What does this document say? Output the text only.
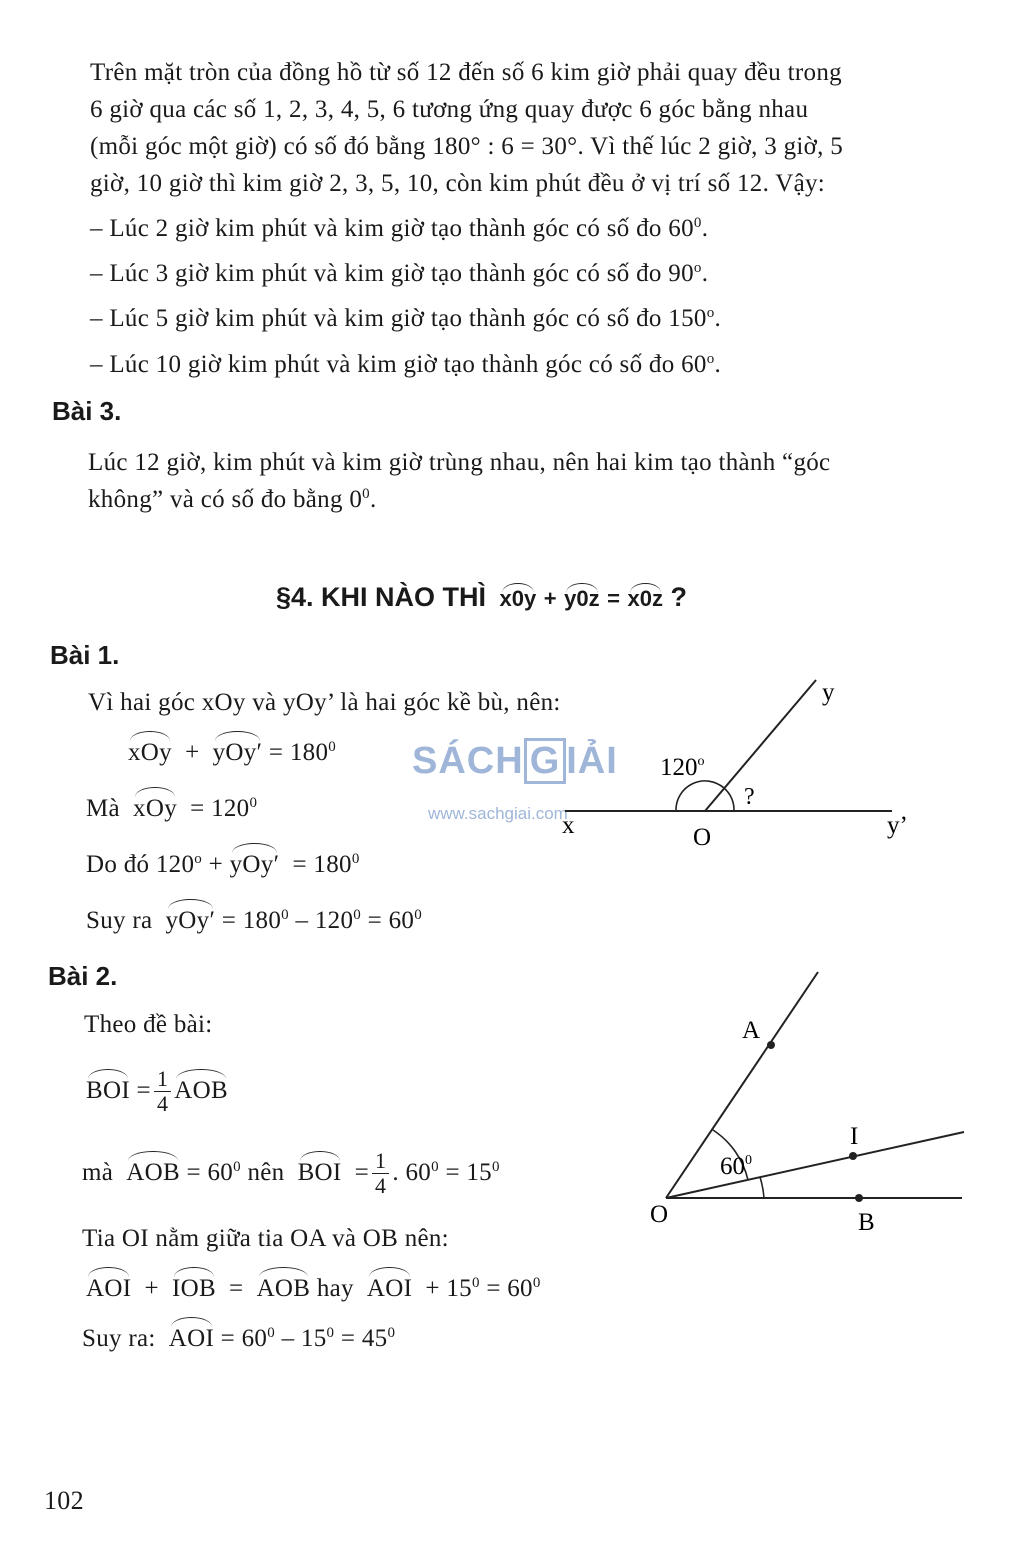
Trên mặt tròn của đồng hồ từ số 12 đến số 6 kim giờ phải quay đều trong
6 giờ qua các số 1, 2, 3, 4, 5, 6 tương ứng quay được 6 góc bằng nhau
(mỗi góc một giờ) có số đó bằng 180° : 6 = 30°. Vì thế lúc 2 giờ, 3 giờ, 5
giờ, 10 giờ thì kim giờ 2, 3, 5, 10, còn kim phút đều ở vị trí số 12. Vậy:
– Lúc 2 giờ kim phút và kim giờ tạo thành góc có số đo $60^0$.
– Lúc 3 giờ kim phút và kim giờ tạo thành góc có số đo 90$^o$.
– Lúc 5 giờ kim phút và kim giờ tạo thành góc có số đo 150$^o$.
– Lúc 10 giờ kim phút và kim giờ tạo thành góc có số đo 60$^o$.
Bài 3.
Lúc 12 giờ, kim phút và kim giờ trùng nhau, nên hai kim tạo thành “góc
không” và có số đo bằng $0^0$.
§4. KHI NÀO THÌ x0y + y0z = x0z ?
Bài 1.
Vì hai góc xOy và yOy’ là hai góc kề bù, nên:
xOy + $yOy' = 180^0$
Mà xOy = $120^0$
Do đó $120^o + yOy' = 180^0$
Suy ra $yOy' = 180^0 - 120^0 = 60^0$
SÁCH G IẢI
www.sachgiai.com
y
x	O	y’
120$^o$
?
Bài 2.
Theo đề bài:
BOI
= $\frac{1}{4}$ AOB
mà
AOB
= $60^0$
nên
BOI
= $\frac{1}{4}$ . $60^0$
= $15^0$
Tia OI nằm giữa tia OA và OB nên:
AOI + IOB = AOB hay AOI + $15^0 = 60^0$
Suy ra: AOI = $60^0 - 15^0 = 45^0$
A
I
O	B
$60^0$
102
